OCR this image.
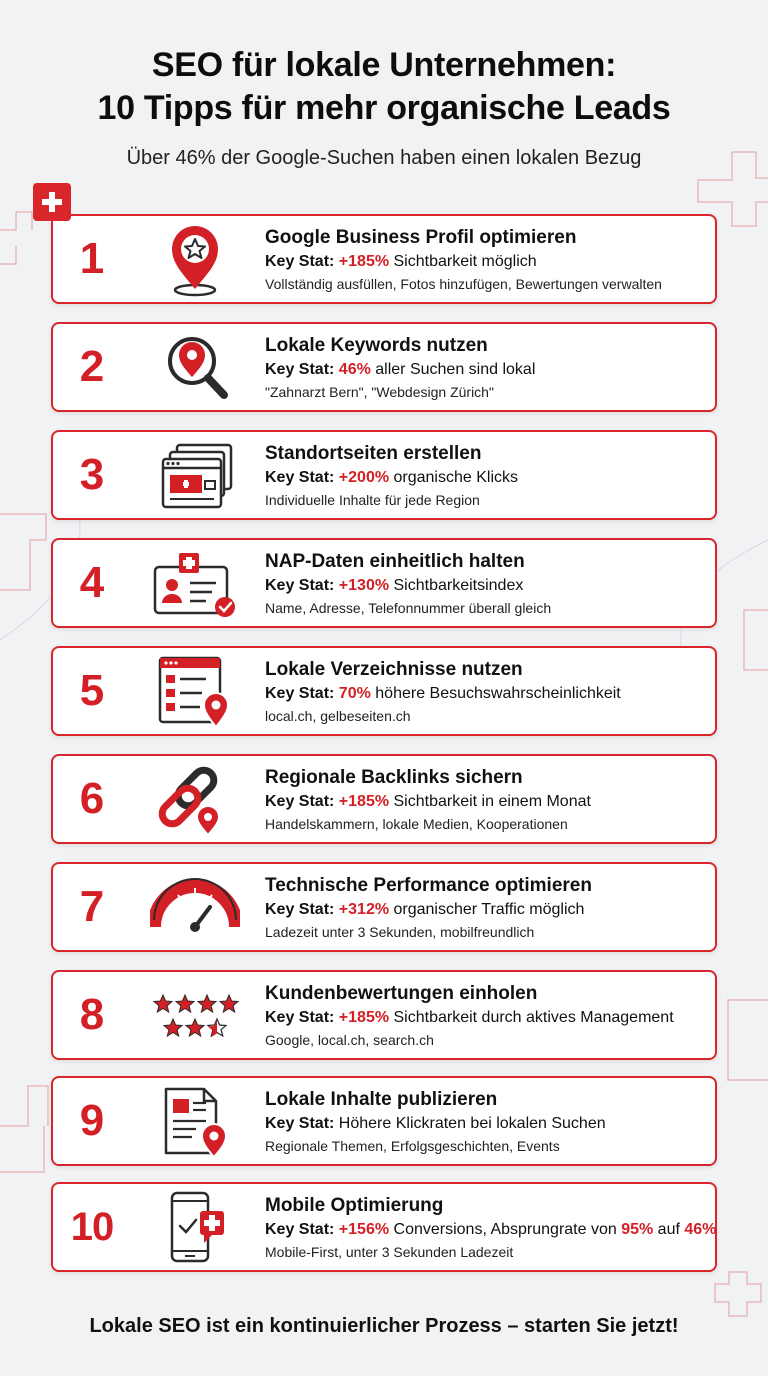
SEO für lokale Unternehmen:
10 Tipps für mehr organische Leads
Über 46% der Google-Suchen haben einen lokalen Bezug
1	Google Business Profil optimieren
Key Stat: +185% Sichtbarkeit möglich
Vollständig ausfüllen, Fotos hinzufügen, Bewertungen verwalten
2	Lokale Keywords nutzen
Key Stat: 46% aller Suchen sind lokal
"Zahnarzt Bern", "Webdesign Zürich"
3	Standortseiten erstellen
Key Stat: +200% organische Klicks
Individuelle Inhalte für jede Region
4	NAP-Daten einheitlich halten
Key Stat: +130% Sichtbarkeitsindex
Name, Adresse, Telefonnummer überall gleich
5	Lokale Verzeichnisse nutzen
Key Stat: 70% höhere Besuchswahrscheinlichkeit
local.ch, gelbeseiten.ch
6	Regionale Backlinks sichern
Key Stat: +185% Sichtbarkeit in einem Monat
Handelskammern, lokale Medien, Kooperationen
7	Technische Performance optimieren
Key Stat: +312% organischer Traffic möglich
Ladezeit unter 3 Sekunden, mobilfreundlich
8	Kundenbewertungen einholen
Key Stat: +185% Sichtbarkeit durch aktives Management
Google, local.ch, search.ch
9	Lokale Inhalte publizieren
Key Stat: Höhere Klickraten bei lokalen Suchen
Regionale Themen, Erfolgsgeschichten, Events
10	Mobile Optimierung
Key Stat: +156% Conversions, Absprungrate von 95% auf 46%
Mobile-First, unter 3 Sekunden Ladezeit
Lokale SEO ist ein kontinuierlicher Prozess – starten Sie jetzt!
